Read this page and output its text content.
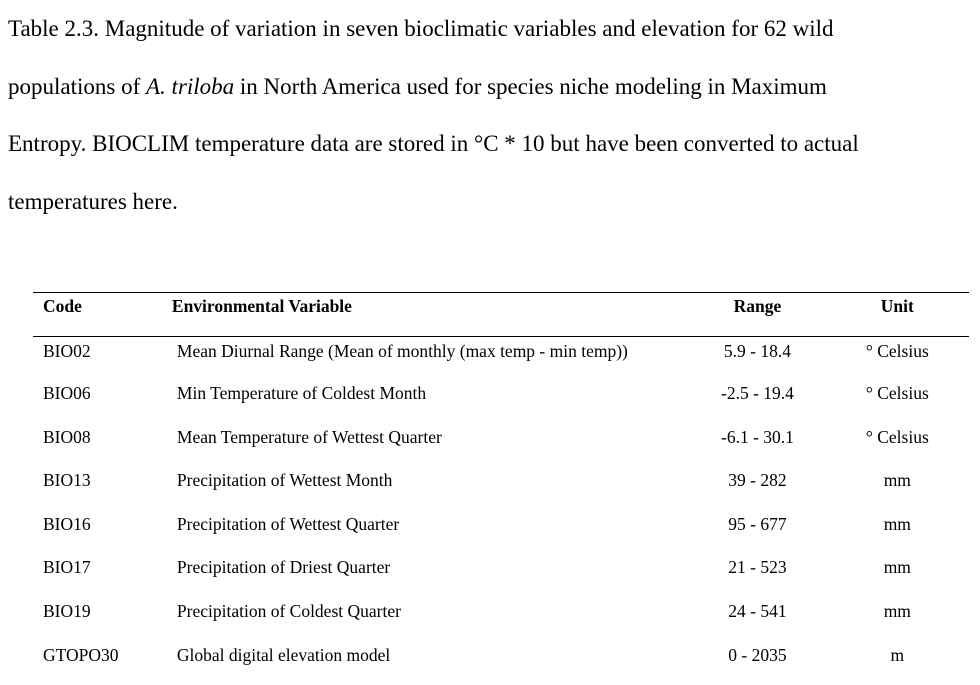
Table 2.3. Magnitude of variation in seven bioclimatic variables and elevation for 62 wild
populations of A. triloba in North America used for species niche modeling in Maximum
Entropy. BIOCLIM temperature data are stored in °C * 10 but have been converted to actual
temperatures here.
Code	Environmental Variable	Range	Unit
BIO02	Mean Diurnal Range (Mean of monthly (max temp - min temp))	5.9 - 18.4	° Celsius
BIO06	Min Temperature of Coldest Month	-2.5 - 19.4	° Celsius
BIO08	Mean Temperature of Wettest Quarter	-6.1 - 30.1	° Celsius
BIO13	Precipitation of Wettest Month	39 - 282	mm
BIO16	Precipitation of Wettest Quarter	95 - 677	mm
BIO17	Precipitation of Driest Quarter	21 - 523	mm
BIO19	Precipitation of Coldest Quarter	24 - 541	mm
GTOPO30	Global digital elevation model	0 - 2035	m
